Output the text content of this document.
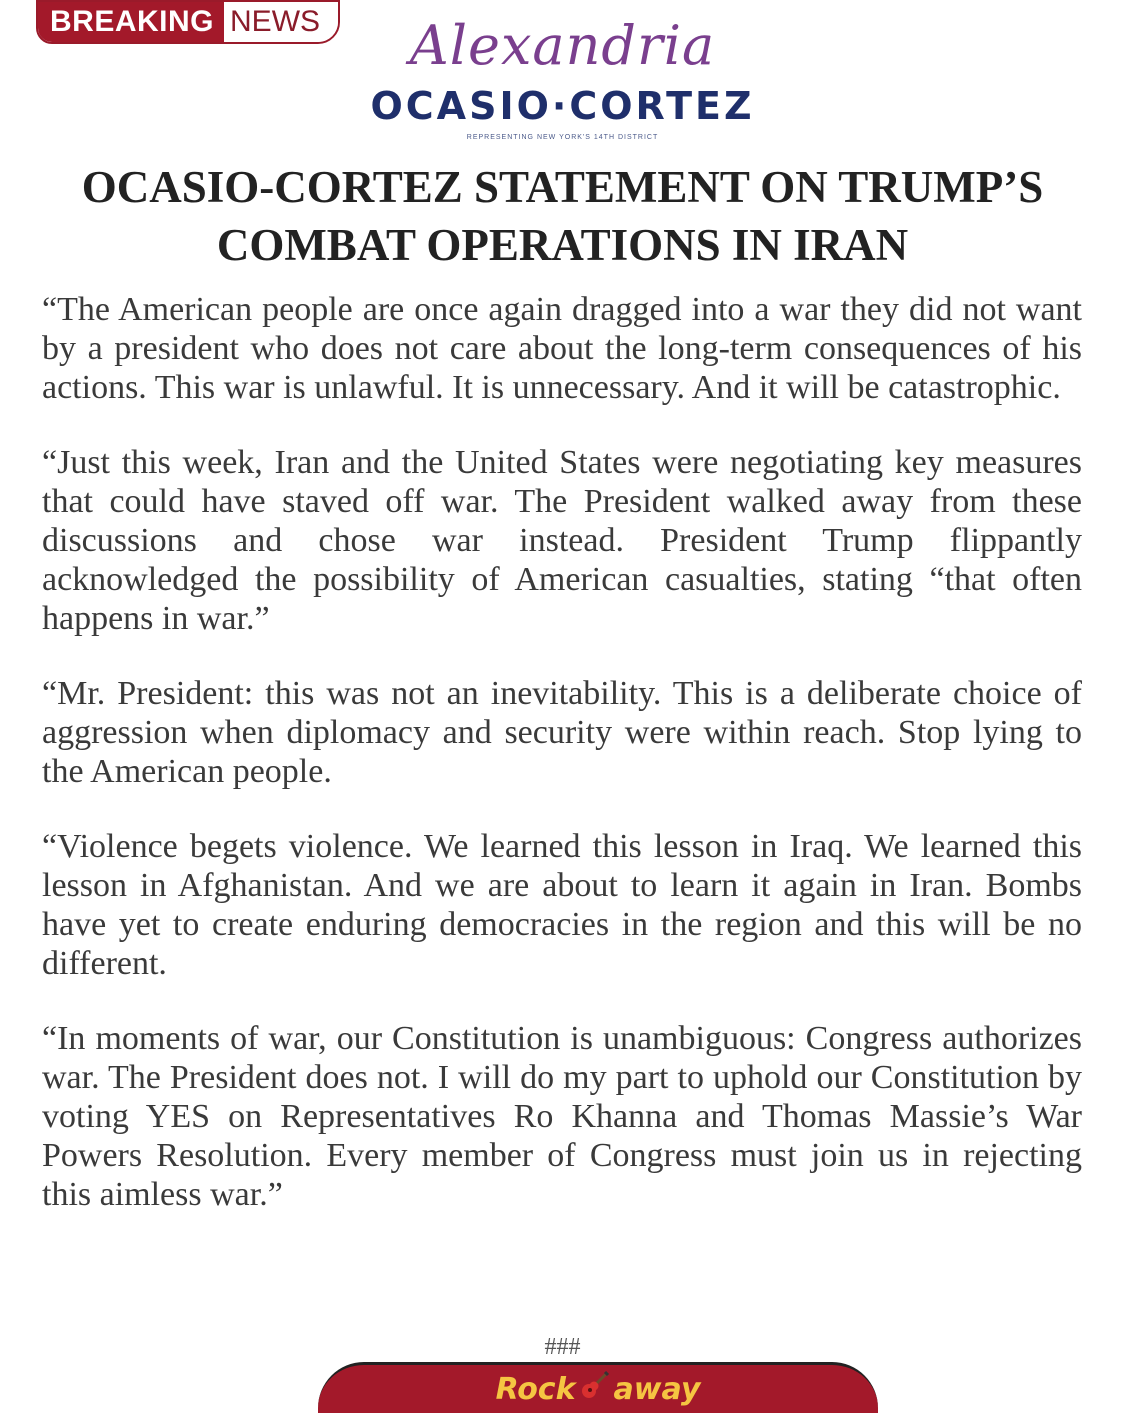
BREAKING NEWS	Alexandria
OCASIO·CORTEZ
REPRESENTING NEW YORK'S 14TH DISTRICT
OCASIO-CORTEZ STATEMENT ON TRUMP’S COMBAT OPERATIONS IN IRAN

“The American people are once again dragged into a war they did not want by a president who does not care about the long-term consequences of his actions. This war is unlawful. It is unnecessary. And it will be catastrophic.

“Just this week, Iran and the United States were negotiating key measures that could have staved off war. The President walked away from these discussions and chose war instead. President Trump flippantly acknowledged the possibility of American casualties, stating “that often happens in war.”

“Mr. President: this was not an inevitability. This is a deliberate choice of aggression when diplomacy and security were within reach. Stop lying to the American people.

“Violence begets violence. We learned this lesson in Iraq. We learned this lesson in Afghanistan. And we are about to learn it again in Iran. Bombs have yet to create enduring democracies in the region and this will be no different.

“In moments of war, our Constitution is unambiguous: Congress authorizes war. The President does not. I will do my part to uphold our Constitution by voting YES on Representatives Ro Khanna and Thomas Massie’s War Powers Resolution. Every member of Congress must join us in rejecting this aimless war.”

###
Rock away
